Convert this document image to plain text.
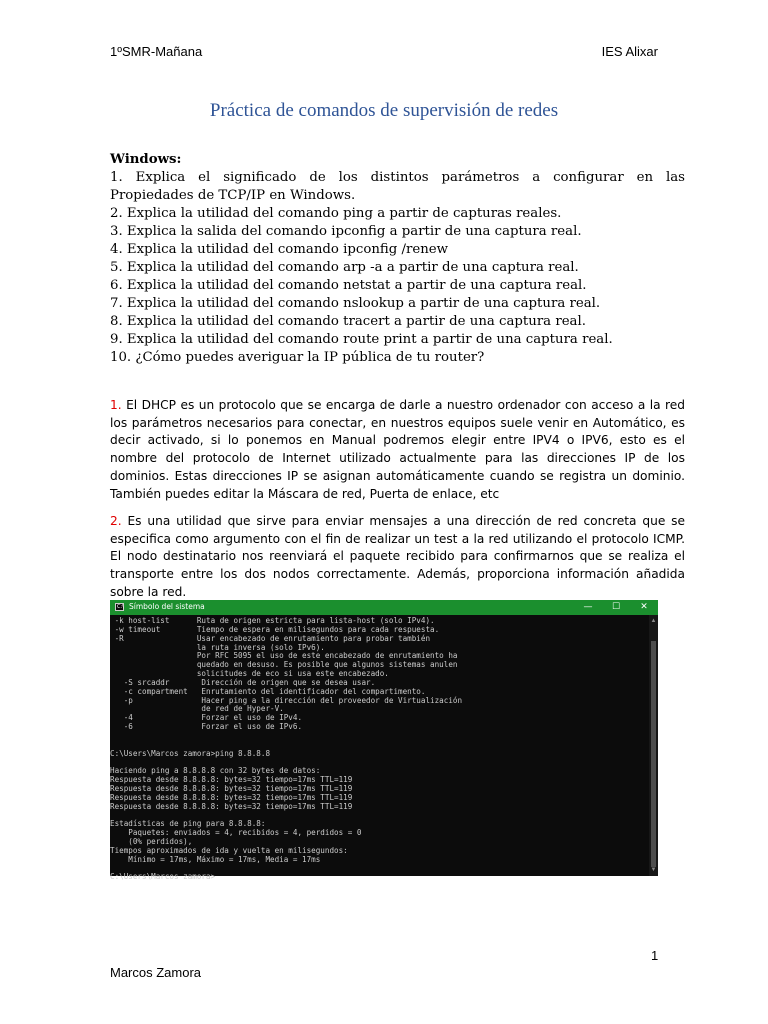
1ºSMR-Mañana	IES Alixar
Práctica de comandos de supervisión de redes

Windows:

1. Explica el significado de los distintos parámetros a configurar en las

Propiedades de TCP/IP en Windows.

2. Explica la utilidad del comando ping a partir de capturas reales.

3. Explica la salida del comando ipconfig a partir de una captura real.

4. Explica la utilidad del comando ipconfig /renew

5. Explica la utilidad del comando arp -a a partir de una captura real.

6. Explica la utilidad del comando netstat a partir de una captura real.

7. Explica la utilidad del comando nslookup a partir de una captura real.

8. Explica la utilidad del comando tracert a partir de una captura real.

9. Explica la utilidad del comando route print a partir de una captura real.

10. ¿Cómo puedes averiguar la IP pública de tu router?

1. El DHCP es un protocolo que se encarga de darle a nuestro ordenador con acceso a la red los parámetros necesarios para conectar, en nuestros equipos suele venir en Automático, es decir activado, si lo ponemos en Manual podremos elegir entre IPV4 o IPV6, esto es el nombre del protocolo de Internet utilizado actualmente para las direcciones IP de los dominios. Estas direcciones IP se asignan automáticamente cuando se registra un dominio. También puedes editar la Máscara de red, Puerta de enlace, etc
2. Es una utilidad que sirve para enviar mensajes a una dirección de red concreta que se especifica como argumento con el fin de realizar un test a la red utilizando el protocolo ICMP. El nodo destinatario nos reenviará el paquete recibido para confirmarnos que se realiza el transporte entre los dos nodos correctamente. Además, proporciona información añadida sobre la red.
C:\ Símbolo del sistema	—	☐	✕
-k host-list      Ruta de origen estricta para lista-host (solo IPv4).
-w timeout        Tiempo de espera en milisegundos para cada respuesta.
-R                Usar encabezado de enrutamiento para probar también
la ruta inversa (solo IPv6).
Por RFC 5095 el uso de este encabezado de enrutamiento ha
quedado en desuso. Es posible que algunos sistemas anulen
solicitudes de eco si usa este encabezado.
-S srcaddr       Dirección de origen que se desea usar.
-c compartment   Enrutamiento del identificador del compartimento.
-p               Hacer ping a la dirección del proveedor de Virtualización
de red de Hyper-V.
-4               Forzar el uso de IPv4.
-6               Forzar el uso de IPv6.
C:\Users\Marcos zamora>ping 8.8.8.8
Haciendo ping a 8.8.8.8 con 32 bytes de datos:
Respuesta desde 8.8.8.8: bytes=32 tiempo=17ms TTL=119
Respuesta desde 8.8.8.8: bytes=32 tiempo=17ms TTL=119
Respuesta desde 8.8.8.8: bytes=32 tiempo=17ms TTL=119
Respuesta desde 8.8.8.8: bytes=32 tiempo=17ms TTL=119
Estadísticas de ping para 8.8.8.8:
Paquetes: enviados = 4, recibidos = 4, perdidos = 0
(0% perdidos),
Tiempos aproximados de ida y vuelta en milisegundos:
Mínimo = 17ms, Máximo = 17ms, Media = 17ms
C:\Users\Marcos zamora>
▲
▼
1
Marcos Zamora
